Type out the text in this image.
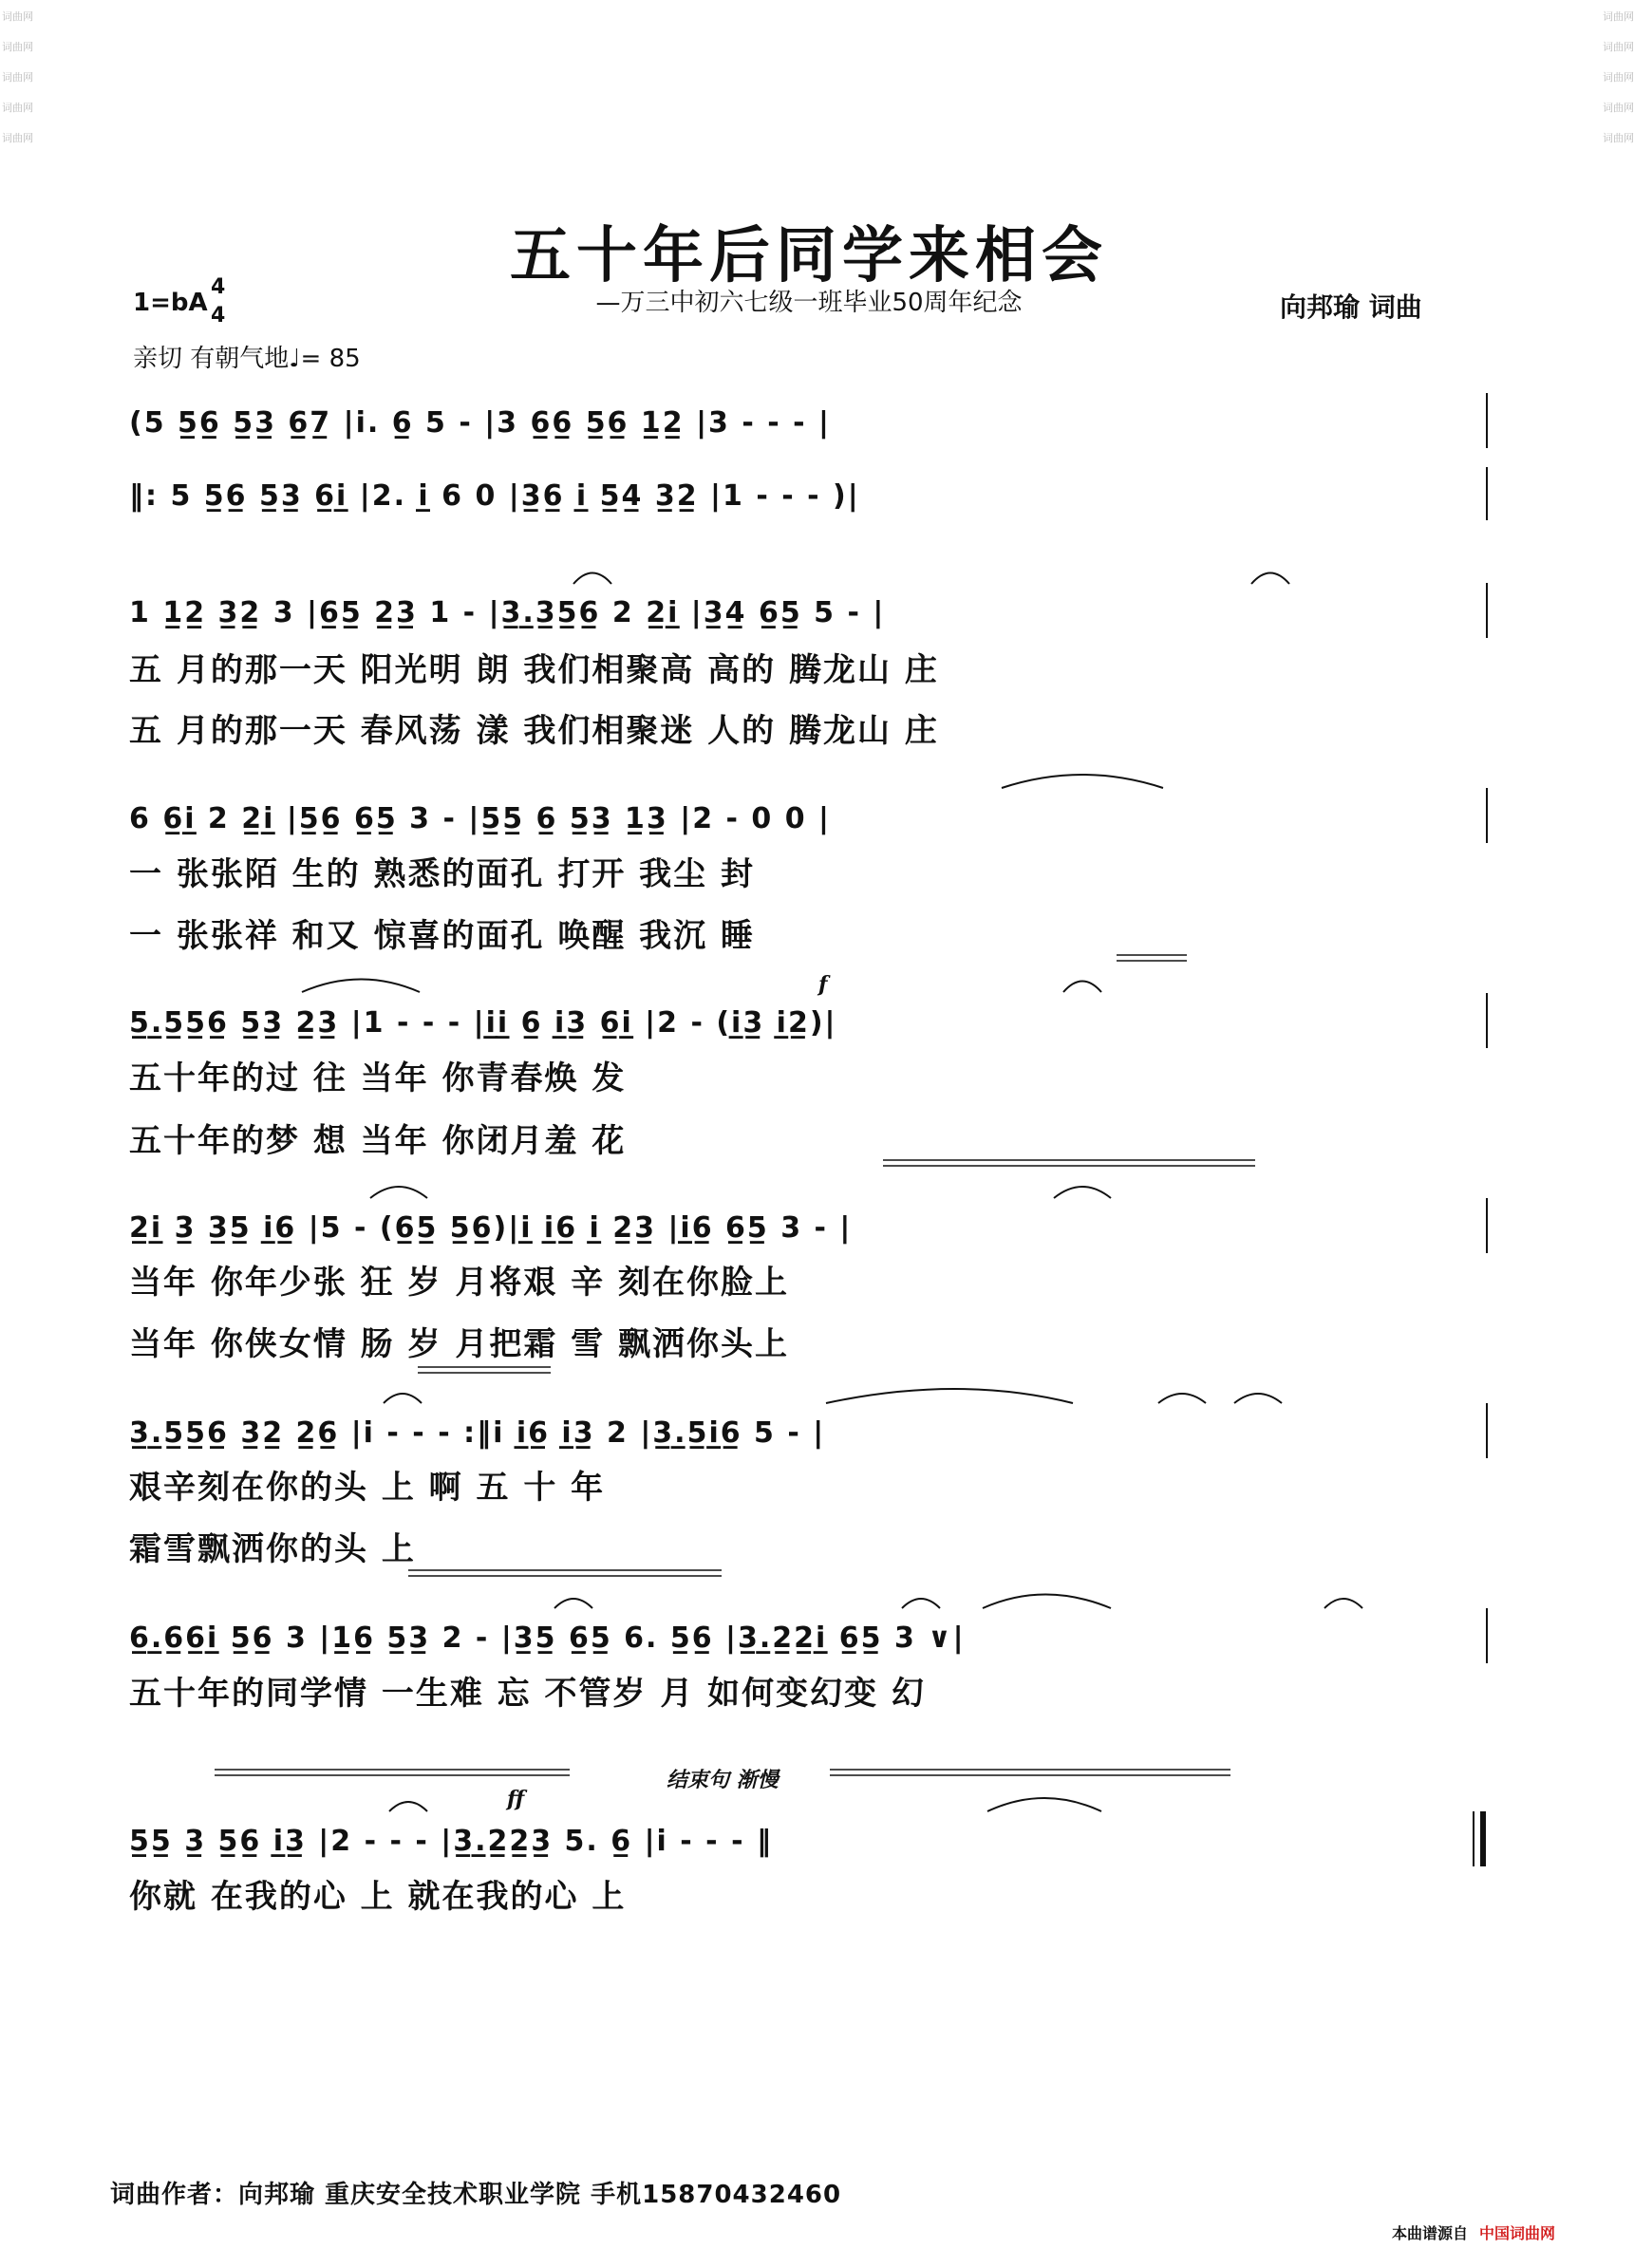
词曲网

词曲网

词曲网

词曲网

词曲网
词曲网

词曲网

词曲网

词曲网

词曲网
五十年后同学来相会
—万三中初六七级一班毕业50周年纪念	向邦瑜 词曲
1=bA
4
4
亲切 有朝气地♩= 85
(5 5̲6̲ 5̲3̲ 6̲7̲ |i. 6̲ 5 - |3 6̲6̲ 5̲6̲ 1̲2̲ |3 - - - |
‖: 5 5̲6̲ 5̲3̲ 6̲i̲ |2. i̲ 6 0 |3̲6̲ i̲ 5̲4̲ 3̲2̲ |1 - - - )|
1 1̲2̲ 3̲2̲ 3 |6̲5̲ 2̲3̲ 1 - |3̲.̲3̲5̲6̲ 2 2̲i̲ |3̲4̲ 6̲5̲ 5 - |
五 月的那一天 阳光明 朗 我们相聚高 高的 腾龙山 庄
五 月的那一天 春风荡 漾 我们相聚迷 人的 腾龙山 庄
6 6̲i̲ 2 2̲i̲ |5̲6̲ 6̲5̲ 3 - |5̲5̲ 6̲ 5̲3̲ 1̲3̲ |2 - 0 0 |
一 张张陌 生的 熟悉的面孔 打开 我尘 封
一 张张祥 和又 惊喜的面孔 唤醒 我沉 睡
f
5̲.̲5̲5̲6̲ 5̲3̲ 2̲3̲ |1 - - - |i̲i̲ 6̲ i̲3̲ 6̲i̲ |2 - (i̲3̲ i̲2̲)|
五十年的过 往 当年 你青春焕 发
五十年的梦 想 当年 你闭月羞 花
2̲i̲ 3̲ 3̲5̲ i̲6̲ |5 - (6̲5̲ 5̲6̲)|i̲ i̲6̲ i̲ 2̲3̲ |i̲6̲ 6̲5̲ 3 - |
当年 你年少张 狂 岁 月将艰 辛 刻在你脸上
当年 你侠女情 肠 岁 月把霜 雪 飘洒你头上
3̲.̲5̲5̲6̲ 3̲2̲ 2̲6̲ |i - - - :‖i i̲6̲ i̲3̲ 2 |3̲.̲5̲i̲6̲ 5 - |
艰辛刻在你的头 上 啊 五 十 年
霜雪飘洒你的头 上
6̲.̲6̲6̲i̲ 5̲6̲ 3 |1̲6̲ 5̲3̲ 2 - |3̲5̲ 6̲5̲ 6. 5̲6̲ |3̲.̲2̲2̲i̲ 6̲5̲ 3 ∨|
五十年的同学情 一生难 忘 不管岁 月 如何变幻变 幻
结束句 渐慢
ff
5̲5̲ 3̲ 5̲6̲ i̲3̲ |2 - - - |3̲.̲2̲2̲3̲ 5. 6̲ |i - - - ‖
你就 在我的心 上 就在我的心 上
词曲作者：向邦瑜 重庆安全技术职业学院 手机15870432460
本曲谱源自 中国词曲网
